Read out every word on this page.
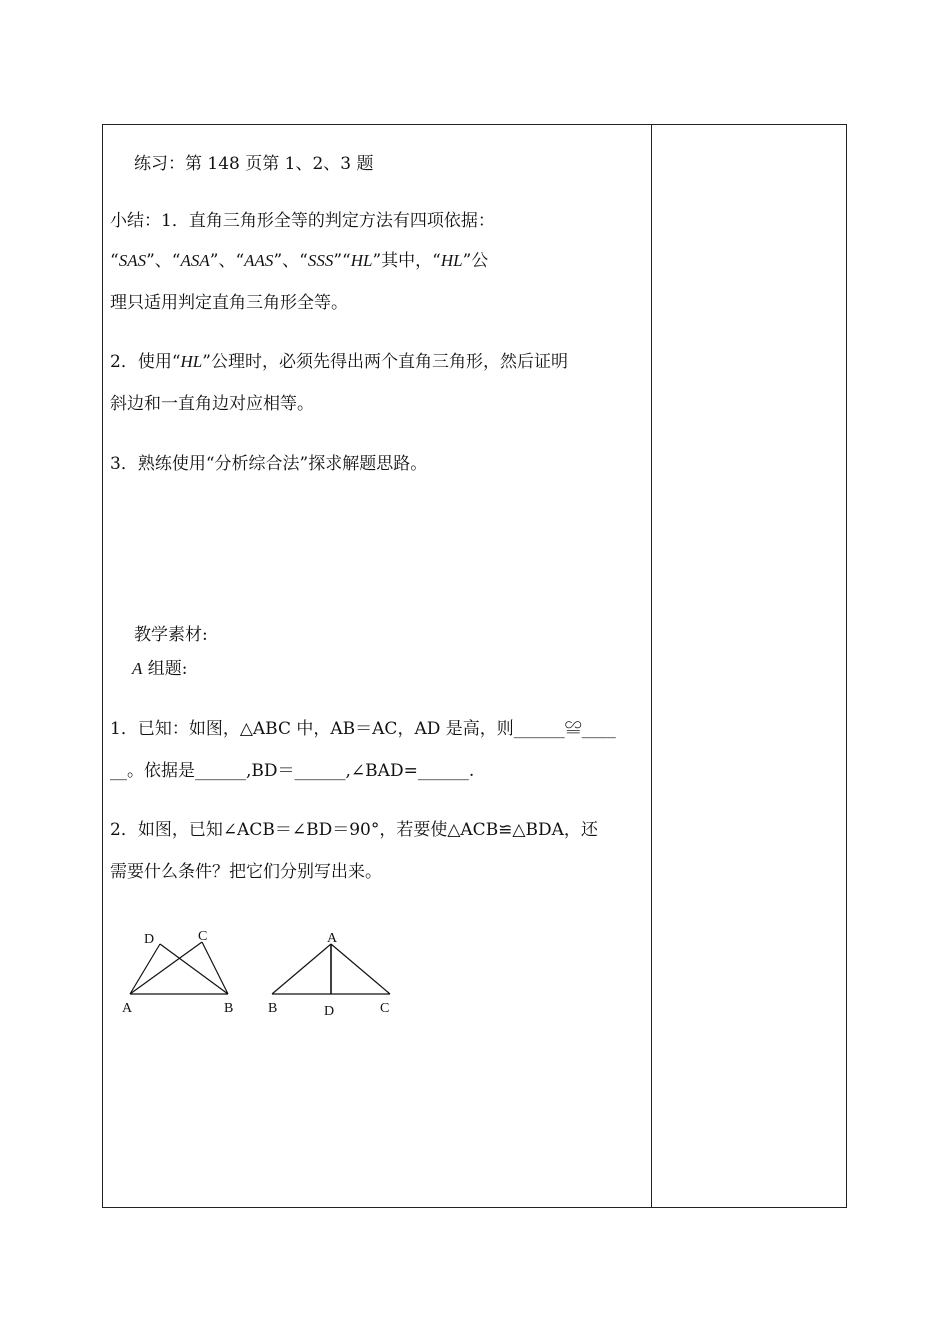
练习：第 148 页第 1、2、3 题
小结：1．直角三角形全等的判定方法有四项依据：
“SAS”、“ASA”、“AAS”、“SSS”“HL”其中，“HL”公
理只适用判定直角三角形全等。
2．使用“HL”公理时，必须先得出两个直角三角形，然后证明
斜边和一直角边对应相等。
3．熟练使用“分析综合法”探求解题思路。
教学素材:
A 组题:
1．已知：如图，△ABC 中，AB＝AC，AD 是高，则______≌____
__。依据是______,BD＝______,∠BAD=______.
2．如图，已知∠ACB＝∠BD＝90°，若要使△ACB≌△BDA，还
需要什么条件？把它们分别写出来。
D	C
A	B
A
B	D	C
